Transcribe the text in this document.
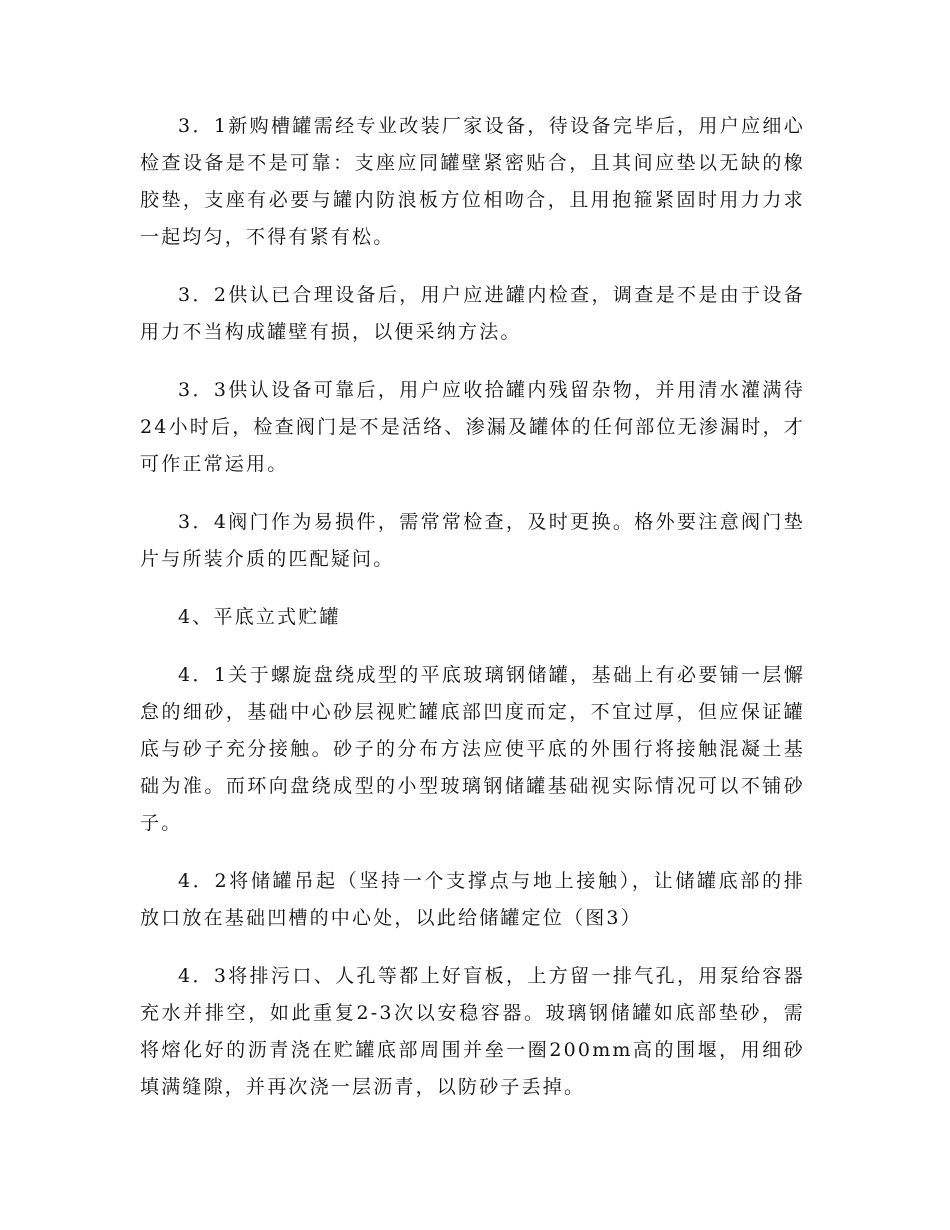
3．1新购槽罐需经专业改装厂家设备，待设备完毕后，用户应细心检查设备是不是可靠：支座应同罐壁紧密贴合，且其间应垫以无缺的橡胶垫，支座有必要与罐内防浪板方位相吻合，且用抱箍紧固时用力力求一起均匀，不得有紧有松。

3．2供认已合理设备后，用户应进罐内检查，调查是不是由于设备用力不当构成罐壁有损，以便采纳方法。

3．3供认设备可靠后，用户应收拾罐内残留杂物，并用清水灌满待24小时后，检查阀门是不是活络、渗漏及罐体的任何部位无渗漏时，才可作正常运用。

3．4阀门作为易损件，需常常检查，及时更换。格外要注意阀门垫片与所装介质的匹配疑问。

4、平底立式贮罐

4．1关于螺旋盘绕成型的平底玻璃钢储罐，基础上有必要铺一层懈怠的细砂，基础中心砂层视贮罐底部凹度而定，不宜过厚，但应保证罐底与砂子充分接触。砂子的分布方法应使平底的外围行将接触混凝土基础为准。而环向盘绕成型的小型玻璃钢储罐基础视实际情况可以不铺砂子。

4．2将储罐吊起（坚持一个支撑点与地上接触），让储罐底部的排放口放在基础凹槽的中心处，以此给储罐定位（图3）

4．3将排污口、人孔等都上好盲板，上方留一排气孔，用泵给容器充水并排空，如此重复2-3次以安稳容器。玻璃钢储罐如底部垫砂，需将熔化好的沥青浇在贮罐底部周围并垒一圈200mm高的围堰，用细砂填满缝隙，并再次浇一层沥青，以防砂子丢掉。
